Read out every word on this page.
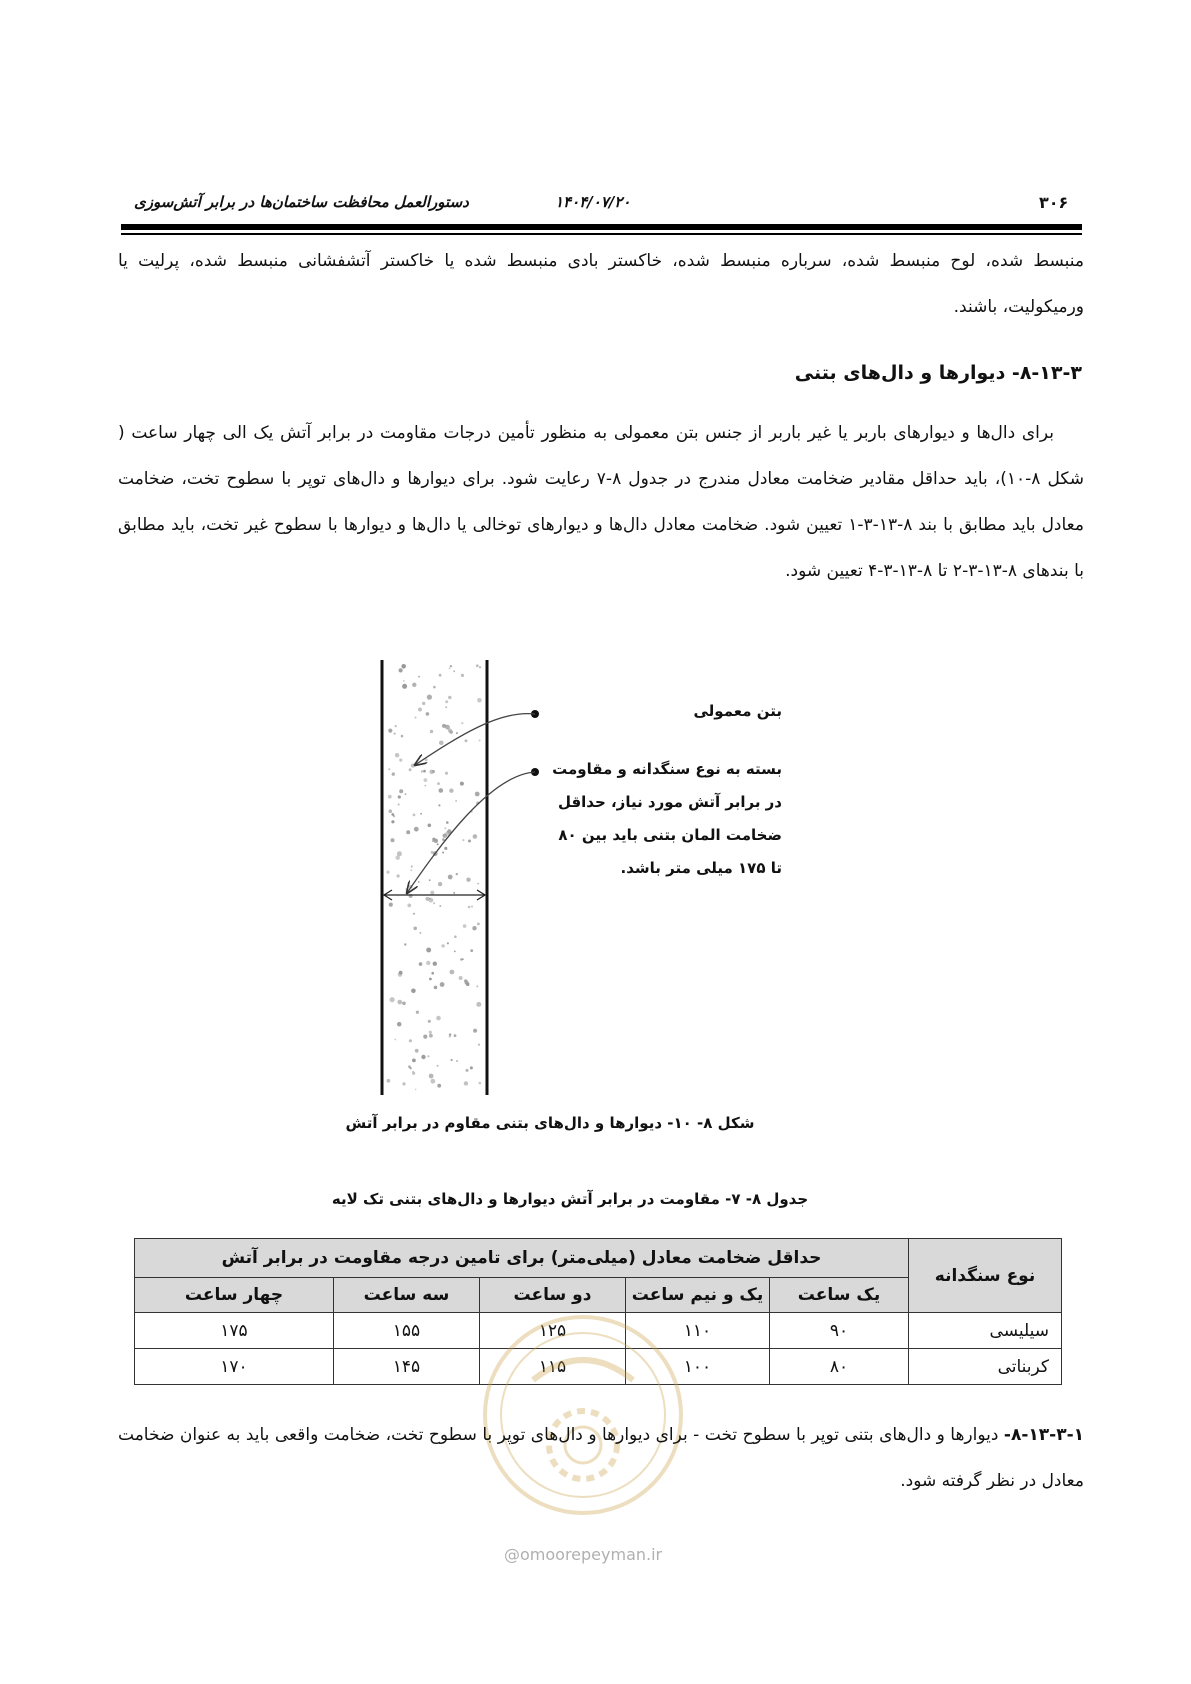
دستورالعمل محافظت ساختمان‌ها در برابر آتش‌سوزی	۱۴۰۴/۰۷/۲۰	۳۰۶

منبسط شده، لوح منبسط شده، سرباره منبسط شده، خاکستر بادی منبسط شده یا خاکستر آتشفشانی منبسط شده، پرلیت یا ورمیکولیت، باشند.

۸-۱۳-۳- دیوارها و دال‌های بتنی

برای دال‌ها و دیوارهای باربر یا غیر باربر از جنس بتن معمولی به منظور تأمین درجات مقاومت در برابر آتش یک الی چهار ساعت ( شکل ۸-۱۰)، باید حداقل مقادیر ضخامت معادل مندرج در جدول ۸-۷ رعایت شود. برای دیوارها و دال‌های توپر با سطوح تخت، ضخامت معادل باید مطابق با بند ۸-۱۳-۳-۱ تعیین شود. ضخامت معادل دال‌ها و دیوارهای توخالی یا دال‌ها و دیوارها با سطوح غیر تخت، باید مطابق با بندهای ۸-۱۳-۳-۲ تا ۸-۱۳-۳-۴ تعیین شود.

بتن معمولی
بسته به نوع سنگدانه و مقاومت در برابر آتش مورد نیاز، حداقل ضخامت المان بتنی باید بین ۸۰ تا ۱۷۵ میلی متر باشد.
شکل ۸- ۱۰- دیوارها و دال‌های بتنی مقاوم در برابر آتش
جدول ۸- ۷- مقاومت در برابر آتش دیوارها و دال‌های بتنی تک لایه
نوع سنگدانه	حداقل ضخامت معادل (میلی‌متر) برای تامین درجه مقاومت در برابر آتش				
	یک ساعت	یک و نیم ساعت	دو ساعت	سه ساعت	چهار ساعت
سیلیسی	۹۰	۱۱۰	۱۲۵	۱۵۵	۱۷۵
کربناتی	۸۰	۱۰۰	۱۱۵	۱۴۵	۱۷۰

۸-۱۳-۳-۱- دیوارها و دال‌های بتنی توپر با سطوح تخت - برای دیوارها و دال‌های توپر با سطوح تخت، ضخامت واقعی باید به عنوان ضخامت معادل در نظر گرفته شود.

@omoorepeyman.ir
